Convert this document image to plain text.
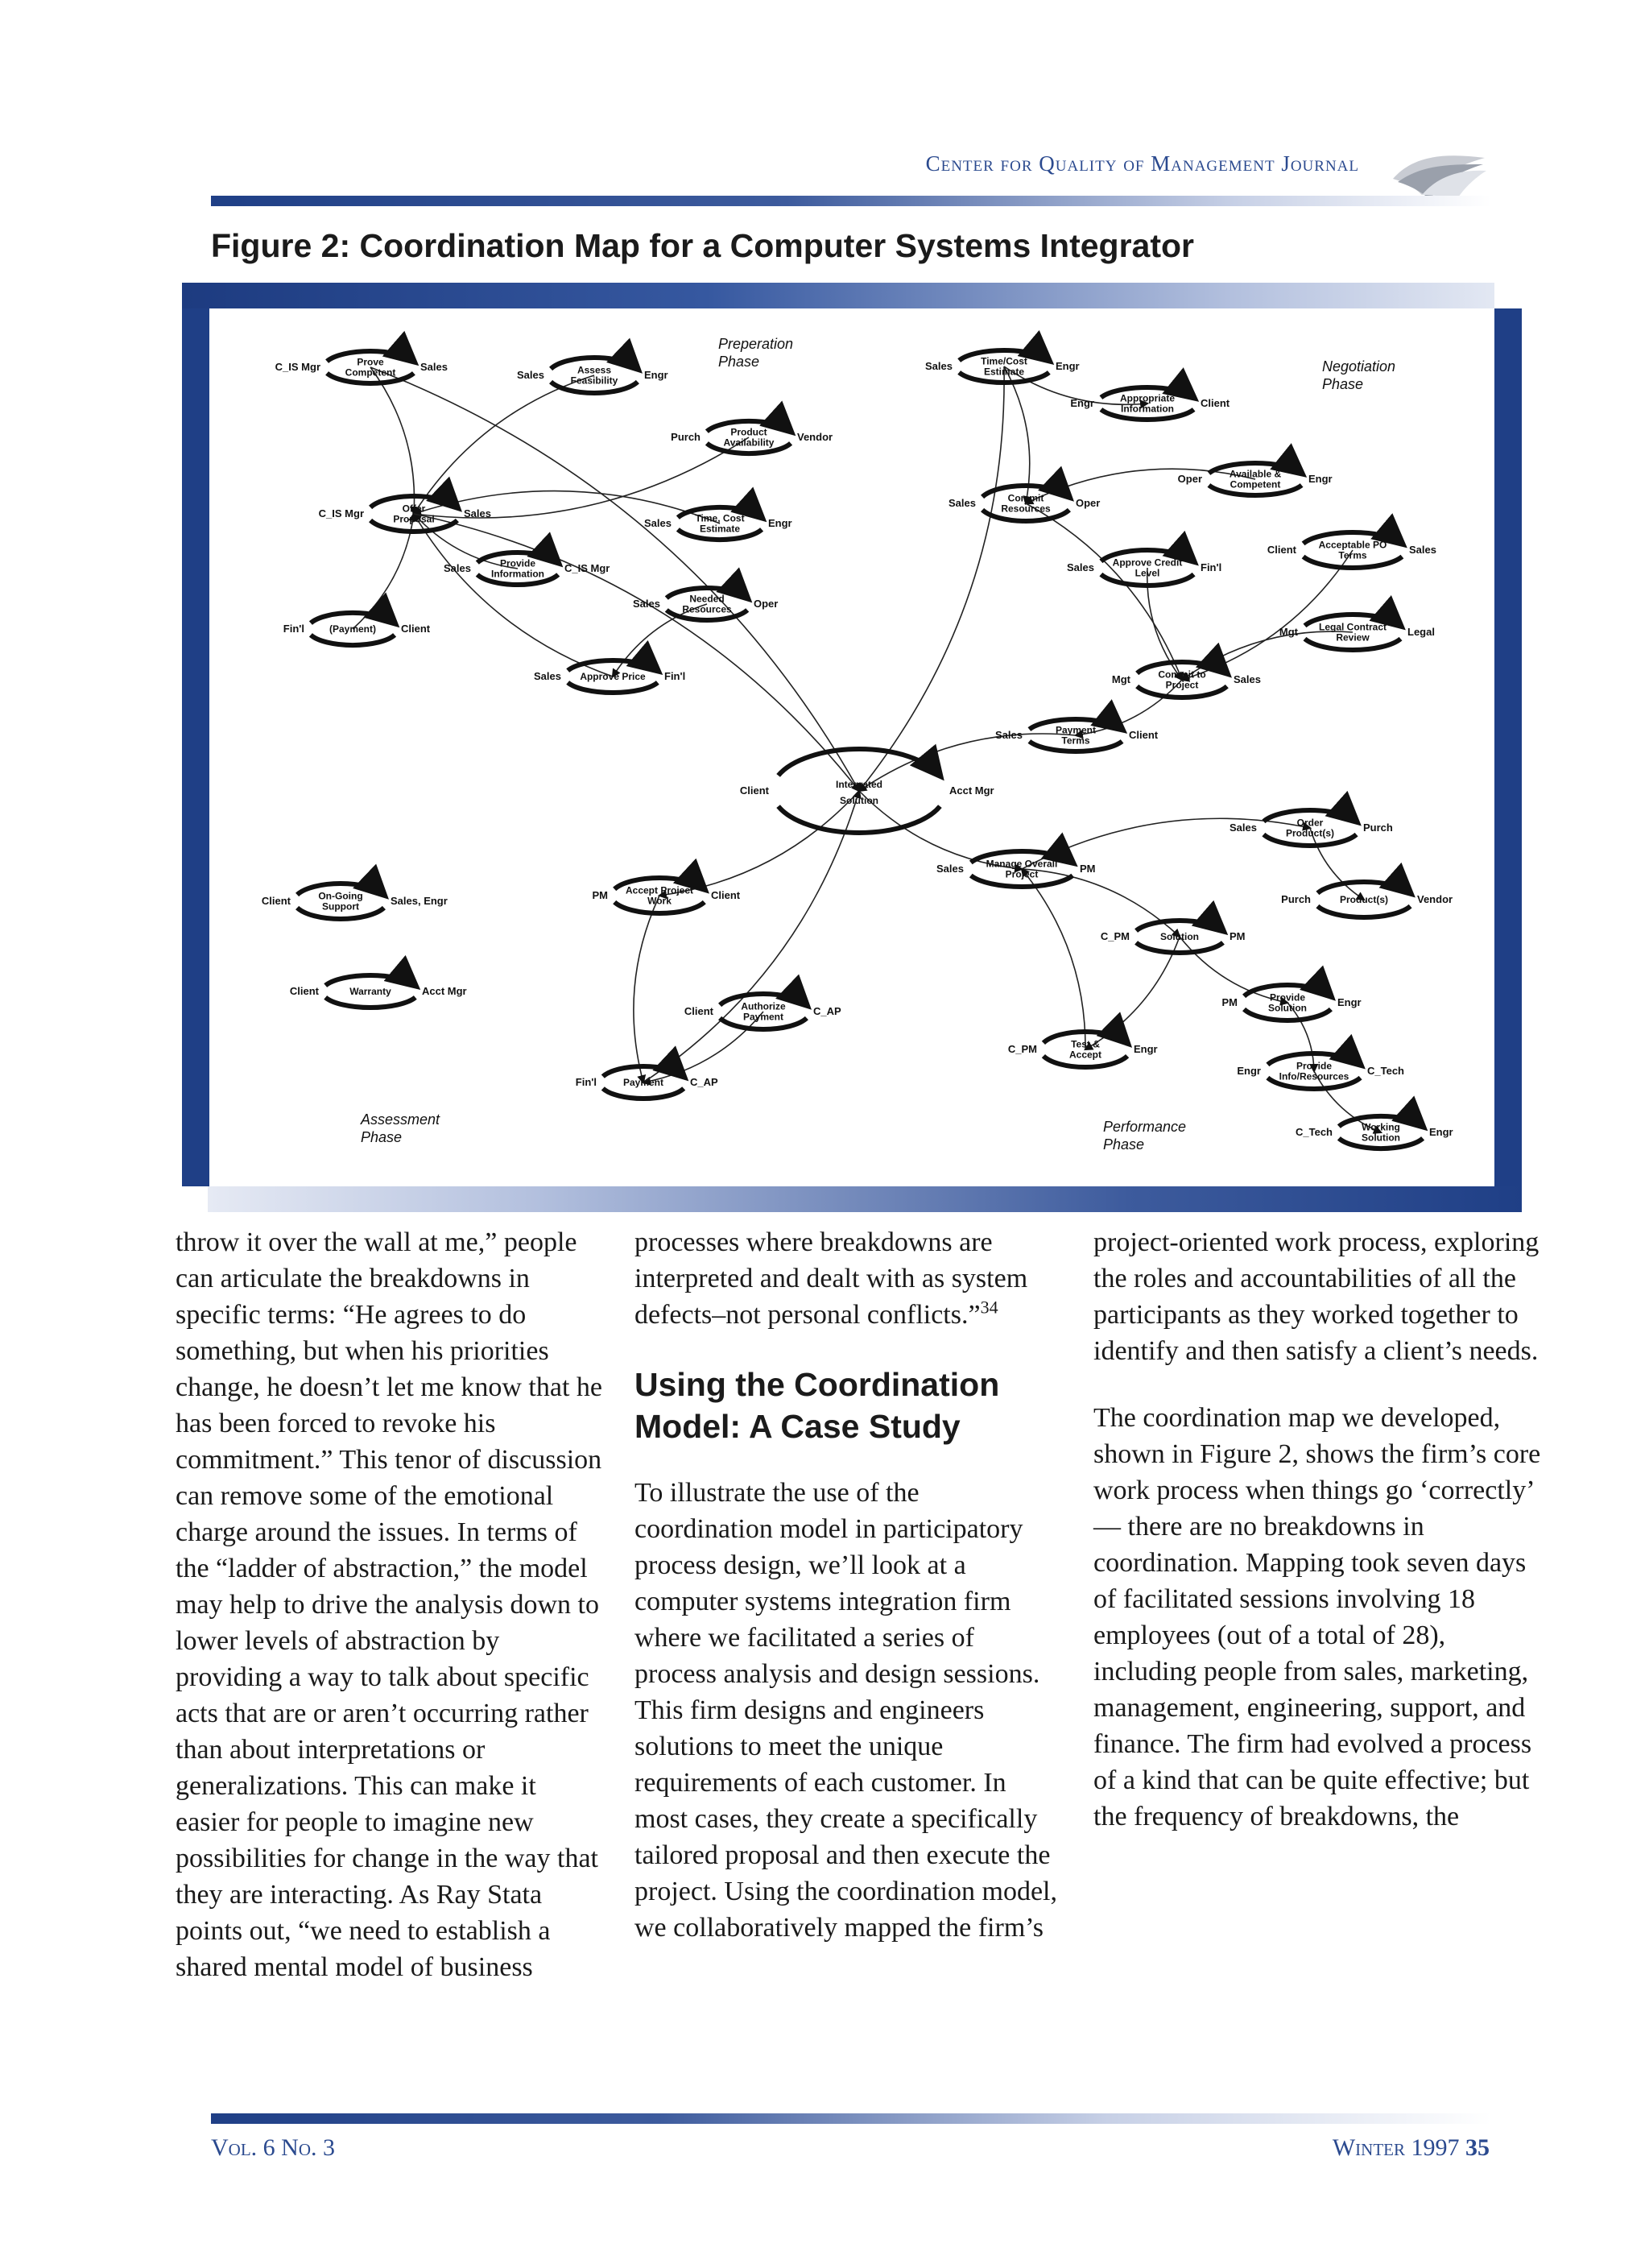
Center for Quality of Management Journal
Figure 2: Coordination Map for a Computer Systems Integrator
Prove
Competent
C_IS Mgr	Sales	Assess
Feasibility
Sales	Engr
Product
Availability
Purch	Vendor
Offer
Proposal
C_IS Mgr	Sales	Time, Cost
Estimate
Sales	Engr
Provide
Information
Sales	C_IS Mgr
Needed
Resources
Sales	Oper
(Payment)
Fin'l	Client
Approve Price
Sales	Fin'l
Time/Cost
Estimate
Sales	Engr
Appropriate
Information
Engr	Client
Available &
Competent
Oper	Engr
Commit
Resources
Sales	Oper
Acceptable PO
Terms
Client	Sales
Approve Credit
Level
Sales	Fin'l
Legal Contract
Review
Mgt	Legal
Commit to
Project
Mgt	Sales
Payment
Terms
Sales	Client
Order
Product(s)
Sales	Purch
Manage Overall
Project
Sales	PM
Product(s)
Purch	Vendor
Solution
C_PM	PM
Provide
Solution
PM	Engr
Test &
Accept
C_PM	Engr
Provide
Info/Resources
Engr	C_Tech
Working
Solution
C_Tech	Engr
On-Going
Support
Client	Sales, Engr
Accept Project
Work
PM	Client
Warranty
Client	Acct Mgr
Authorize
Payment
Client	C_AP
Payment
Fin'l	C_AP
Integrated
Solution
Client	Acct Mgr
Preperation
Phase	Negotiation
Phase
Assessment
Phase
Performance
Phase

throw it over the wall at me,” people can articulate the breakdowns in specific terms: “He agrees to do something, but when his priorities change, he doesn’t let me know that he has been forced to revoke his commitment.” This tenor of discussion can remove some of the emotional charge around the issues. In terms of the “ladder of abstraction,” the model may help to drive the analysis down to lower levels of abstraction by providing a way to talk about specific acts that are or aren’t occurring rather than about interpretations or generalizations. This can make it easier for people to imagine new possibilities for change in the way that they are interacting. As Ray Stata points out, “we need to establish a shared mental model of business

processes where breakdowns are interpreted and dealt with as system defects–not personal conflicts.”$^{34}$

Using the Coordination Model: A Case Study

To illustrate the use of the coordination model in participatory process design, we’ll look at a computer systems integration firm where we facilitated a series of process analysis and design sessions. This firm designs and engineers solutions to meet the unique requirements of each customer. In most cases, they create a specifically tailored proposal and then execute the project. Using the coordination model, we collaboratively mapped the firm’s

project-oriented work process, exploring the roles and accountabilities of all the participants as they worked together to identify and then satisfy a client’s needs.

The coordination map we developed, shown in Figure 2, shows the firm’s core work process when things go ‘correctly’ — there are no breakdowns in coordination. Mapping took seven days of facilitated sessions involving 18 employees (out of a total of 28), including people from sales, marketing, management, engineering, support, and finance. The firm had evolved a process of a kind that can be quite effective; but the frequency of breakdowns, the

Vol. 6 No. 3	Winter 1997 35
